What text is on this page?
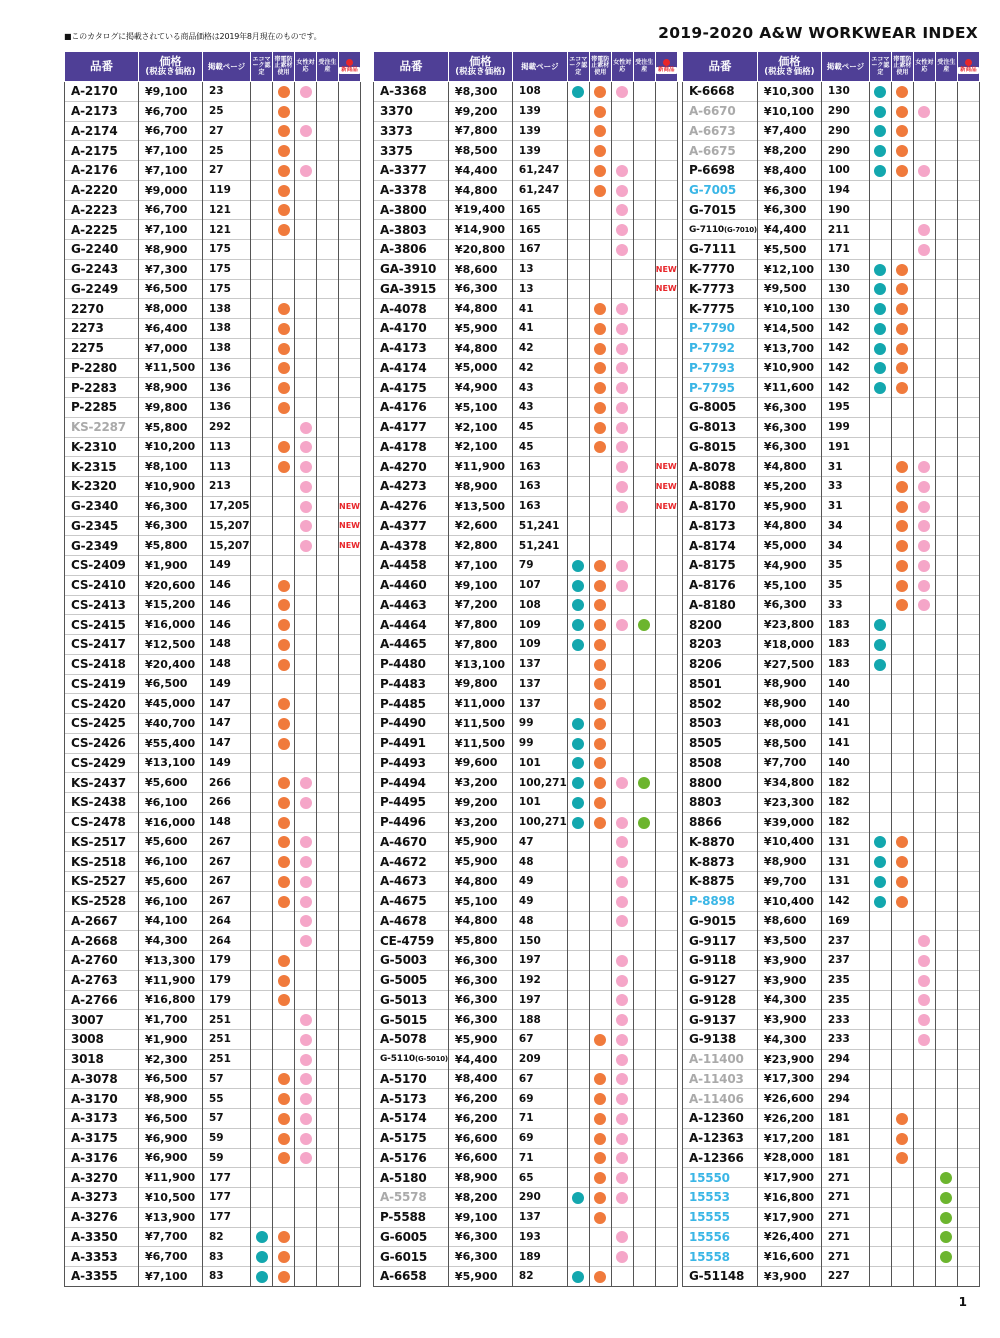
■このカタログに掲載されている商品価格は2019年8月現在のものです。	2019-2020 A&W WORKWEAR INDEX
1
品番	価格
(税抜き価格)	掲載ページ	エコマーク認定	帯電防止素材使用	女性対応	受注生産	新商品

A-2170	¥9,100	23					
A-2173	¥6,700	25					
A-2174	¥6,700	27					
A-2175	¥7,100	25					
A-2176	¥7,100	27					
A-2220	¥9,000	119					
A-2223	¥6,700	121					
A-2225	¥7,100	121					
G-2240	¥8,900	175					
G-2243	¥7,300	175					
G-2249	¥6,500	175					
2270	¥8,000	138					
2273	¥6,400	138					
2275	¥7,000	138					
P-2280	¥11,500	136					
P-2283	¥8,900	136					
P-2285	¥9,800	136					
KS-2287	¥5,800	292					
K-2310	¥10,200	113					
K-2315	¥8,100	113					
K-2320	¥10,900	213					
G-2340	¥6,300	17,205					NEW
G-2345	¥6,300	15,207					NEW
G-2349	¥5,800	15,207					NEW
CS-2409	¥1,900	149					
CS-2410	¥20,600	146					
CS-2413	¥15,200	146					
CS-2415	¥16,000	146					
CS-2417	¥12,500	148					
CS-2418	¥20,400	148					
CS-2419	¥6,500	149					
CS-2420	¥45,000	147					
CS-2425	¥40,700	147					
CS-2426	¥55,400	147					
CS-2429	¥13,100	149					
KS-2437	¥5,600	266					
KS-2438	¥6,100	266					
CS-2478	¥16,000	148					
KS-2517	¥5,600	267					
KS-2518	¥6,100	267					
KS-2527	¥5,600	267					
KS-2528	¥6,100	267					
A-2667	¥4,100	264					
A-2668	¥4,300	264					
A-2760	¥13,300	179					
A-2763	¥11,900	179					
A-2766	¥16,800	179					
3007	¥1,700	251					
3008	¥1,900	251					
3018	¥2,300	251					
A-3078	¥6,500	57					
A-3170	¥8,900	55					
A-3173	¥6,500	57					
A-3175	¥6,900	59					
A-3176	¥6,900	59					
A-3270	¥11,900	177					
A-3273	¥10,500	177					
A-3276	¥13,900	177					
A-3350	¥7,700	82					
A-3353	¥6,700	83					
A-3355	¥7,100	83					
品番	価格
(税抜き価格)	掲載ページ	エコマーク認定	帯電防止素材使用	女性対応	受注生産	新商品

A-3368	¥8,300	108					
3370	¥9,200	139					
3373	¥7,800	139					
3375	¥8,500	139					
A-3377	¥4,400	61,247					
A-3378	¥4,800	61,247					
A-3800	¥19,400	165					
A-3803	¥14,900	165					
A-3806	¥20,800	167					
GA-3910	¥8,600	13					NEW
GA-3915	¥6,300	13					NEW
A-4078	¥4,800	41					
A-4170	¥5,900	41					
A-4173	¥4,800	42					
A-4174	¥5,000	42					
A-4175	¥4,900	43					
A-4176	¥5,100	43					
A-4177	¥2,100	45					
A-4178	¥2,100	45					
A-4270	¥11,900	163					NEW
A-4273	¥8,900	163					NEW
A-4276	¥13,500	163					NEW
A-4377	¥2,600	51,241					
A-4378	¥2,800	51,241					
A-4458	¥7,100	79					
A-4460	¥9,100	107					
A-4463	¥7,200	108					
A-4464	¥7,800	109					
A-4465	¥7,800	109					
P-4480	¥13,100	137					
P-4483	¥9,800	137					
P-4485	¥11,000	137					
P-4490	¥11,500	99					
P-4491	¥11,500	99					
P-4493	¥9,600	101					
P-4494	¥3,200	100,271					
P-4495	¥9,200	101					
P-4496	¥3,200	100,271					
A-4670	¥5,900	47					
A-4672	¥5,900	48					
A-4673	¥4,800	49					
A-4675	¥5,100	49					
A-4678	¥4,800	48					
CE-4759	¥5,800	150					
G-5003	¥6,300	197					
G-5005	¥6,300	192					
G-5013	¥6,300	197					
G-5015	¥6,300	188					
A-5078	¥5,900	67					
G-5110(G-5010)	¥4,400	209					
A-5170	¥8,400	67					
A-5173	¥6,200	69					
A-5174	¥6,200	71					
A-5175	¥6,600	69					
A-5176	¥6,600	71					
A-5180	¥8,900	65					
A-5578	¥8,200	290					
P-5588	¥9,100	137					
G-6005	¥6,300	193					
G-6015	¥6,300	189					
A-6658	¥5,900	82					
品番	価格
(税抜き価格)	掲載ページ	エコマーク認定	帯電防止素材使用	女性対応	受注生産	新商品

K-6668	¥10,300	130					
A-6670	¥10,100	290					
A-6673	¥7,400	290					
A-6675	¥8,200	290					
P-6698	¥8,400	100					
G-7005	¥6,300	194					
G-7015	¥6,300	190					
G-7110(G-7010)	¥4,400	211					
G-7111	¥5,500	171					
K-7770	¥12,100	130					
K-7773	¥9,500	130					
K-7775	¥10,100	130					
P-7790	¥14,500	142					
P-7792	¥13,700	142					
P-7793	¥10,900	142					
P-7795	¥11,600	142					
G-8005	¥6,300	195					
G-8013	¥6,300	199					
G-8015	¥6,300	191					
A-8078	¥4,800	31					
A-8088	¥5,200	33					
A-8170	¥5,900	31					
A-8173	¥4,800	34					
A-8174	¥5,000	34					
A-8175	¥4,900	35					
A-8176	¥5,100	35					
A-8180	¥6,300	33					
8200	¥23,800	183					
8203	¥18,000	183					
8206	¥27,500	183					
8501	¥8,900	140					
8502	¥8,900	140					
8503	¥8,000	141					
8505	¥8,500	141					
8508	¥7,700	140					
8800	¥34,800	182					
8803	¥23,300	182					
8866	¥39,000	182					
K-8870	¥10,400	131					
K-8873	¥8,900	131					
K-8875	¥9,700	131					
P-8898	¥10,400	142					
G-9015	¥8,600	169					
G-9117	¥3,500	237					
G-9118	¥3,900	237					
G-9127	¥3,900	235					
G-9128	¥4,300	235					
G-9137	¥3,900	233					
G-9138	¥4,300	233					
A-11400	¥23,900	294					
A-11403	¥17,300	294					
A-11406	¥26,600	294					
A-12360	¥26,200	181					
A-12363	¥17,200	181					
A-12366	¥28,000	181					
15550	¥17,900	271					
15553	¥16,800	271					
15555	¥17,900	271					
15556	¥26,400	271					
15558	¥16,600	271					
G-51148	¥3,900	227					
